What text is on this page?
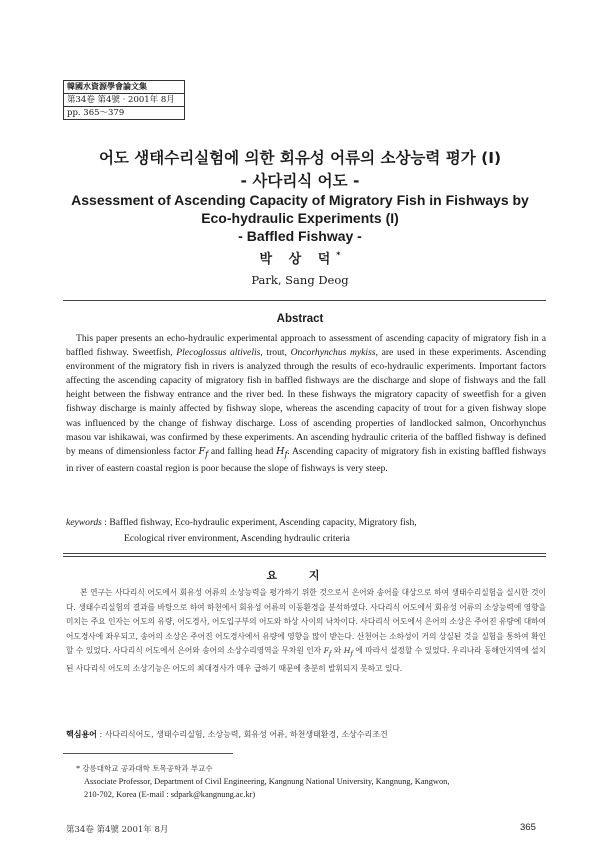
韓國水資源學會論文集
第34卷 第4號 · 2001年 8月
pp. 365～379
어도 생태수리실험에 의한 회유성 어류의 소상능력 평가 (I)
- 사다리식 어도 -
Assessment of Ascending Capacity of Migratory Fish in Fishways by
Eco-hydraulic Experiments (I)
- Baffled Fishway -
박 상 덕*
Park, Sang Deog
Abstract

This paper presents an echo-hydraulic experimental approach to assessment of ascending capacity of migratory fish in a baffled fishway. Sweetfish, Plecoglossus altivelis, trout, Oncorhynchus mykiss, are used in these experiments. Ascending environment of the migratory fish in rivers is analyzed through the results of eco-hydraulic experiments. Important factors affecting the ascending capacity of migratory fish in baffled fishways are the discharge and slope of fishways and the fall height between the fishway entrance and the river bed. In these fishways the migratory capacity of sweetfish for a given fishway discharge is mainly affected by fishway slope, whereas the ascending capacity of trout for a given fishway slope was influenced by the change of fishway discharge. Loss of ascending properties of landlocked salmon, Oncorhynchus masou var ishikawai, was confirmed by these experiments. An ascending hydraulic criteria of the baffled fishway is defined by means of dimensionless factor $F_f$ and falling head $H_f$. Ascending capacity of migratory fish in existing baffled fishways in river of eastern coastal region is poor because the slope of fishways is very steep.

keywords : Baffled fishway, Eco-hydraulic experiment, Ascending capacity, Migratory fish,
Ecological river environment, Ascending hydraulic criteria
요 지

본 연구는 사다리식 어도에서 회유성 어류의 소상능력을 평가하기 위한 것으로서 은어와 송어를 대상으로 하여 생태수리실험을 실시한 것이다. 생태수리실험의 결과를 바탕으로 하여 하천에서 회유성 어류의 이동환경을 분석하였다. 사다리식 어도에서 회유성 어류의 소상능력에 영향을 미치는 주요 인자는 어도의 유량, 어도경사, 어도입구부의 어도와 하상 사이의 낙차이다. 사다리식 어도에서 은어의 소상은 주어진 유량에 대하여 어도경사에 좌우되고, 송어의 소상은 주어진 어도경사에서 유량에 영향을 많이 받는다. 산천어는 소하성이 거의 상실된 것을 실험을 통하여 확인할 수 있었다. 사다리식 어도에서 은어와 송어의 소상수리영역을 무차원 인자 $F_f$ 와 $H_f$ 에 따라서 설정할 수 있었다. 우리나라 동해안지역에 설치된 사다리식 어도의 소상기능은 어도의 최대경사가 매우 급하기 때문에 충분히 발휘되지 못하고 있다.

핵심용어 : 사다리식어도, 생태수리실험, 소상능력, 회유성 어류, 하천생태환경, 소상수리조건
* 강릉대학교 공과대학 토목공학과 부교수
Associate Professor, Department of Civil Engineering, Kangnung National University, Kangnung, Kangwon,
210-702, Korea (E-mail : sdpark@kangnung.ac.kr)
第34卷 第4號 2001年 8月	365
